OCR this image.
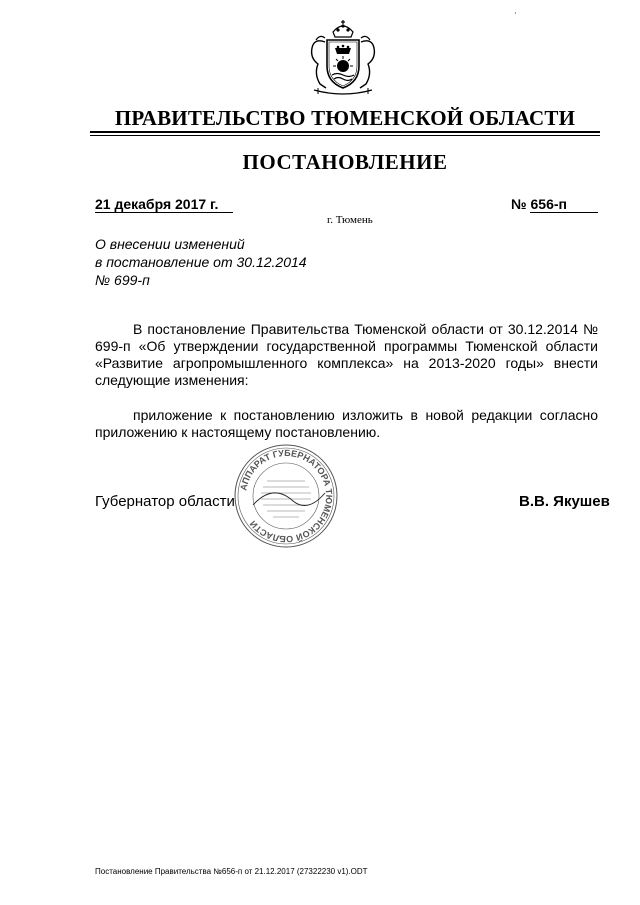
ПРАВИТЕЛЬСТВО ТЮМЕНСКОЙ ОБЛАСТИ
ПОСТАНОВЛЕНИЕ
21 декабря 2017 г.	№ 656-п
г. Тюмень
О внесении изменений
в постановление от 30.12.2014
№ 699-п
В постановление Правительства Тюменской области от 30.12.2014 № 699-п «Об утверждении государственной программы Тюменской области «Развитие агропромышленного комплекса» на 2013-2020 годы» внести следующие изменения:
приложение к постановлению изложить в новой редакции согласно приложению к настоящему постановлению.
АППАРАТ ГУБЕРНАТОРА ТЮМЕНСКОЙ ОБЛАСТИ
Губернатор области	В.В. Якушев
Постановление Правительства №656-п от 21.12.2017 (27322230 v1).ODT
